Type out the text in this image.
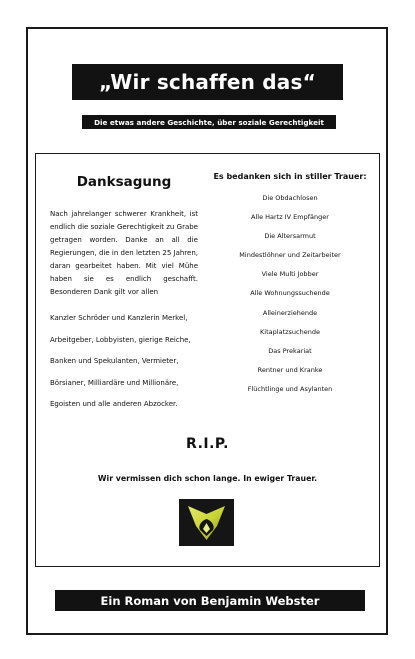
„Wir schaffen das“
Die etwas andere Geschichte, über soziale Gerechtigkeit
Danksagung

Nach jahrelanger schwerer Krankheit, ist endlich die soziale Gerechtigkeit zu Grabe getragen worden. Danke an all die Regierungen, die in den letzten 25 Jahren, daran gearbeitet haben. Mit viel Mühe haben sie es endlich geschafft. Besonderen Dank gilt vor allen

Kanzler Schröder und Kanzlerin Merkel,
Arbeitgeber, Lobbyisten, gierige Reiche,
Banken und Spekulanten, Vermieter,
Börsianer, Milliardäre und Millionäre,
Egoisten und alle anderen Abzocker.
Es bedanken sich in stiller Trauer:
Die Obdachlosen
Alle Hartz IV Empfänger
Die Altersarmut
Mindestlöhner und Zeitarbeiter
Viele Multi Jobber
Alle Wohnungssuchende
Alleinerziehende
Kitaplatzsuchende
Das Prekariat
Rentner und Kranke
Flüchtlinge und Asylanten
R.I.P.
Wir vermissen dich schon lange. In ewiger Trauer.
Ein Roman von Benjamin Webster
